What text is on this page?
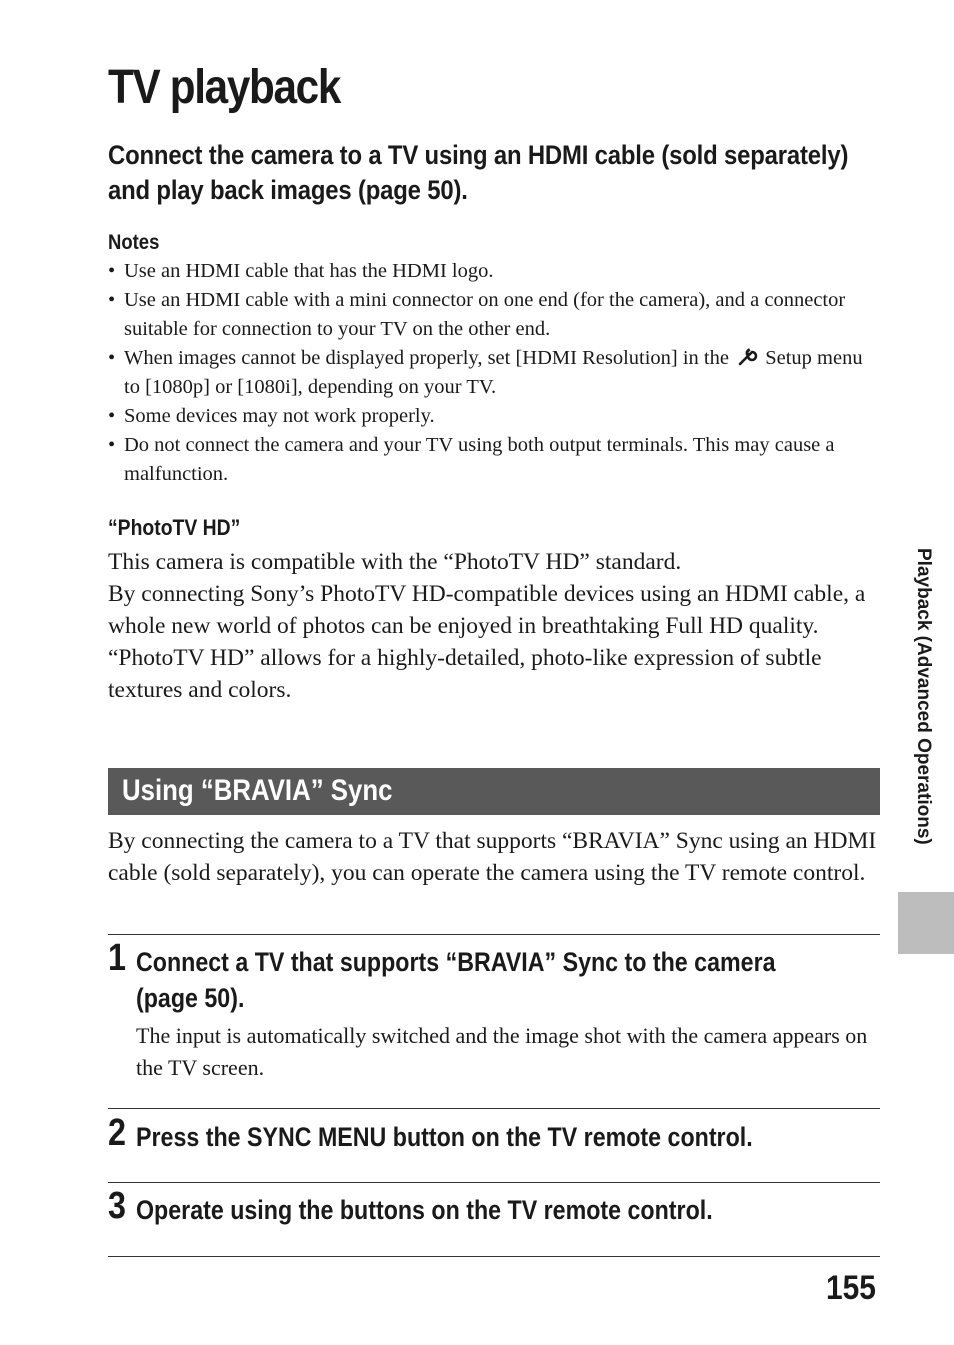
TV playback

Connect the camera to a TV using an HDMI cable (sold separately) and play back images (page 50).

Notes
• Use an HDMI cable that has the HDMI logo.
• Use an HDMI cable with a mini connector on one end (for the camera), and a connector suitable for connection to your TV on the other end.
• When images cannot be displayed properly, set [HDMI Resolution] in the Setup menu to [1080p] or [1080i], depending on your TV.
• Some devices may not work properly.
• Do not connect the camera and your TV using both output terminals. This may cause a malfunction.
“PhotoTV HD”

This camera is compatible with the “PhotoTV HD” standard.

By connecting Sony’s PhotoTV HD-compatible devices using an HDMI cable, a whole new world of photos can be enjoyed in breathtaking Full HD quality.

“PhotoTV HD” allows for a highly-detailed, photo-like expression of subtle textures and colors.

Using “BRAVIA” Sync

By connecting the camera to a TV that supports “BRAVIA” Sync using an HDMI cable (sold separately), you can operate the camera using the TV remote control.

1 Connect a TV that supports “BRAVIA” Sync to the camera
(page 50).

The input is automatically switched and the image shot with the camera appears on the TV screen.

2 Press the SYNC MENU button on the TV remote control.

3 Operate using the buttons on the TV remote control.

Playback (Advanced Operations)
155
